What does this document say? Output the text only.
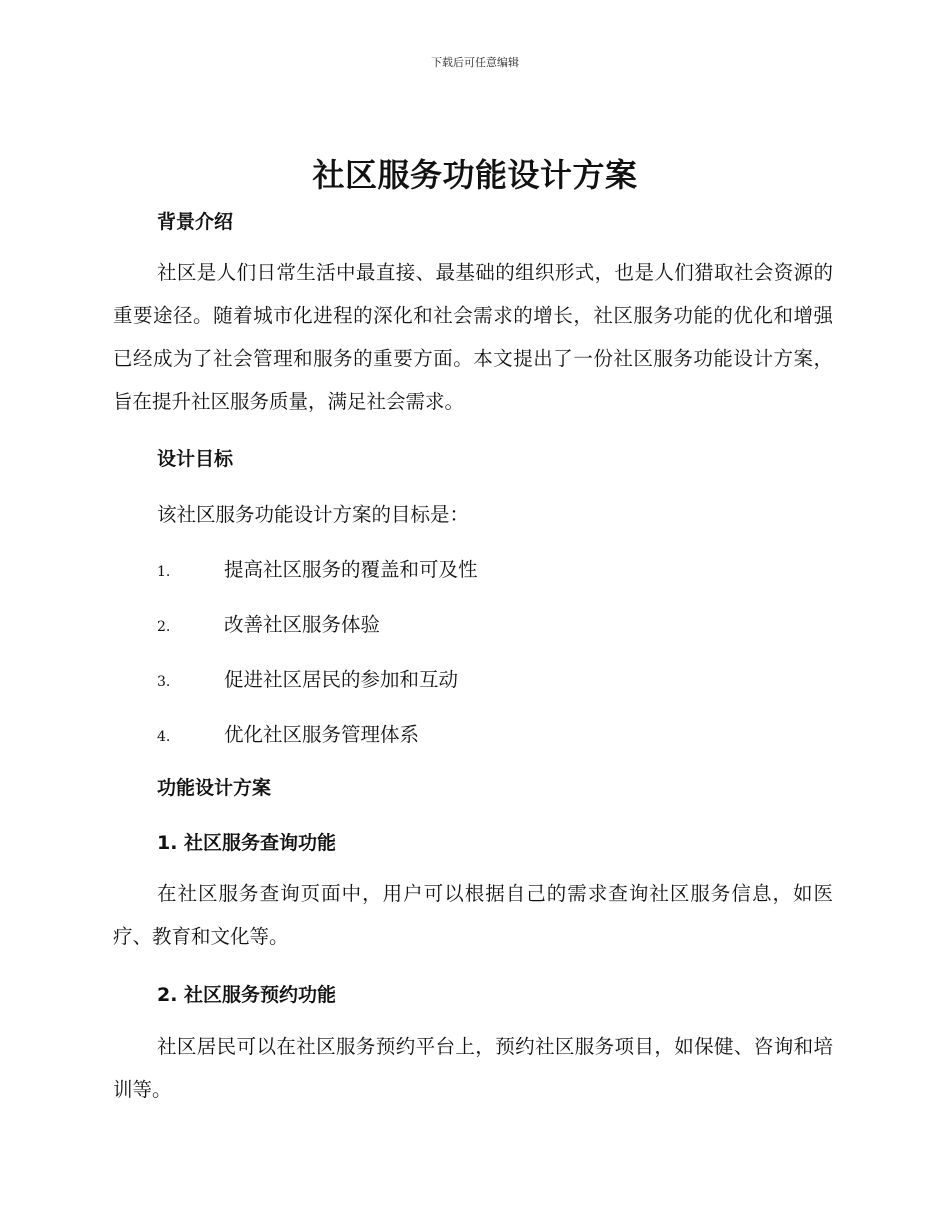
下载后可任意编辑
社区服务功能设计方案
背景介绍

社区是人们日常生活中最直接、最基础的组织形式，也是人们猎取社会资源的重要途径。随着城市化进程的深化和社会需求的增长，社区服务功能的优化和增强已经成为了社会管理和服务的重要方面。本文提出了一份社区服务功能设计方案，旨在提升社区服务质量，满足社会需求。

设计目标

该社区服务功能设计方案的目标是：

1.	提高社区服务的覆盖和可及性
2.	改善社区服务体验
3.	促进社区居民的参加和互动
4.	优化社区服务管理体系
功能设计方案
1. 社区服务查询功能

在社区服务查询页面中，用户可以根据自己的需求查询社区服务信息，如医疗、教育和文化等。

2. 社区服务预约功能

社区居民可以在社区服务预约平台上，预约社区服务项目，如保健、咨询和培训等。
